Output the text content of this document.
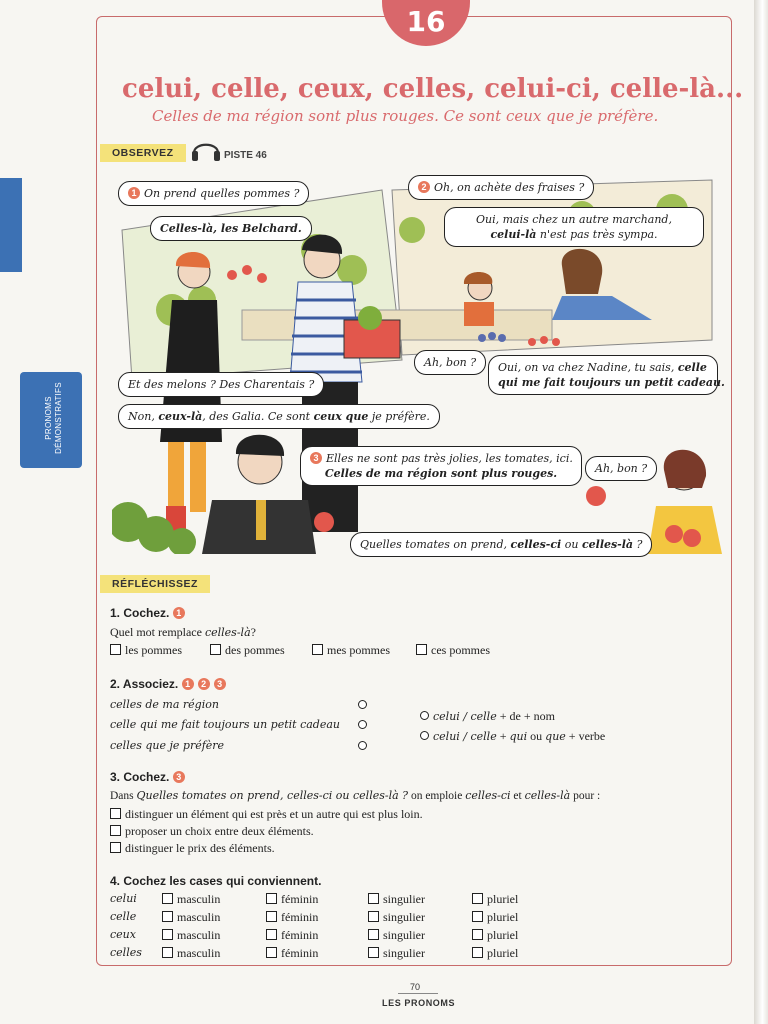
16
PRONOMS DÉMONSTRATIFS
celui, celle, ceux, celles, celui-ci, celle-là...
Celles de ma région sont plus rouges. Ce sont ceux que je préfère.
OBSERVEZ	PISTE 46
1 On prend quelles pommes ?
Celles-là, les Belchard.
2 Oh, on achète des fraises ?
Oui, mais chez un autre marchand,
celui-là n'est pas très sympa.
Ah, bon ?	Oui, on va chez Nadine, tu sais, celle
qui me fait toujours un petit cadeau.
Et des melons ? Des Charentais ?
Non, ceux-là, des Galia. Ce sont ceux que je préfère.
3 Elles ne sont pas très jolies, les tomates, ici.
Celles de ma région sont plus rouges.	Ah, bon ?
Quelles tomates on prend, celles-ci ou celles-là ?
RÉFLÉCHISSEZ
1. Cochez. 1
Quel mot remplace celles-là?
les pommes	des pommes	mes pommes	ces pommes
2. Associez. 1 2 3
celles de ma région
celle qui me fait toujours un petit cadeau
celles que je préfère
celui / celle + de + nom
celui / celle + qui ou que + verbe
3. Cochez. 3
Dans Quelles tomates on prend, celles-ci ou celles-là ? on emploie celles-ci et celles-là pour :
distinguer un élément qui est près et un autre qui est plus loin.
proposer un choix entre deux éléments.
distinguer le prix des éléments.
4. Cochez les cases qui conviennent.
celui	masculin	féminin	singulier	pluriel
celle	masculin	féminin	singulier	pluriel
ceux	masculin	féminin	singulier	pluriel
celles	masculin	féminin	singulier	pluriel
70
LES PRONOMS
